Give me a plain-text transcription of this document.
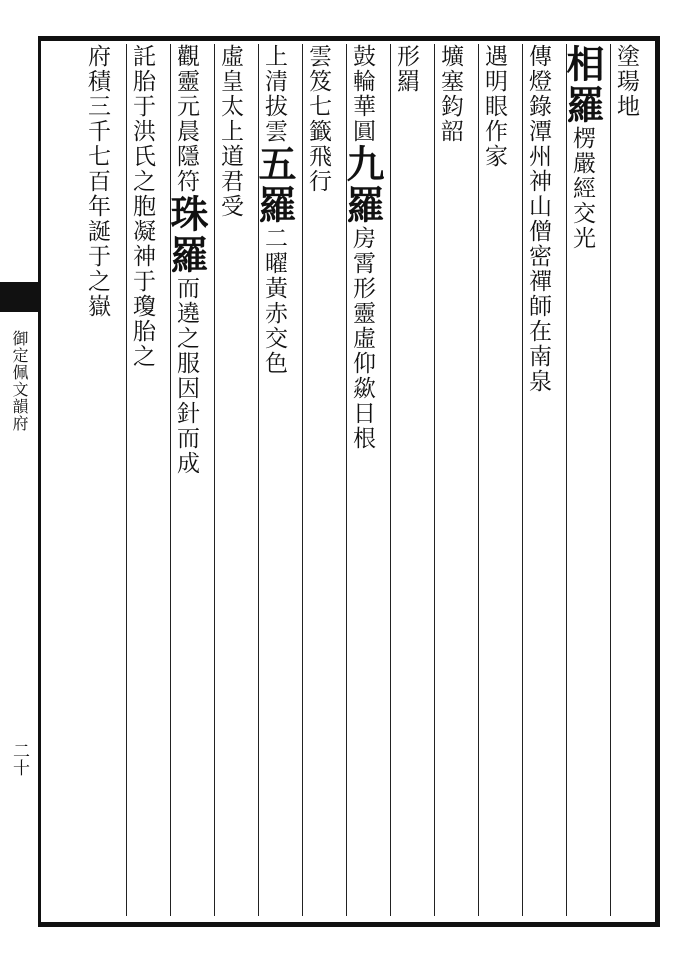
御定佩文韻府
二十
塗瑒地
相羅楞嚴經交光
傳燈錄潭州神山僧密禪師在南泉
遇明眼作家
壙塞鈞韶
形羂
鼓輪華圓九羅房霄形靈虛仰歘日根
雲笈七籤飛行
上清拔雲五羅二曜黃赤交色
虛皇太上道君受
觀靈元晨隱符珠羅而遶之服因針而成
託胎于洪氏之胞凝神于瓊胎之
府積三千七百年誕于之嶽
